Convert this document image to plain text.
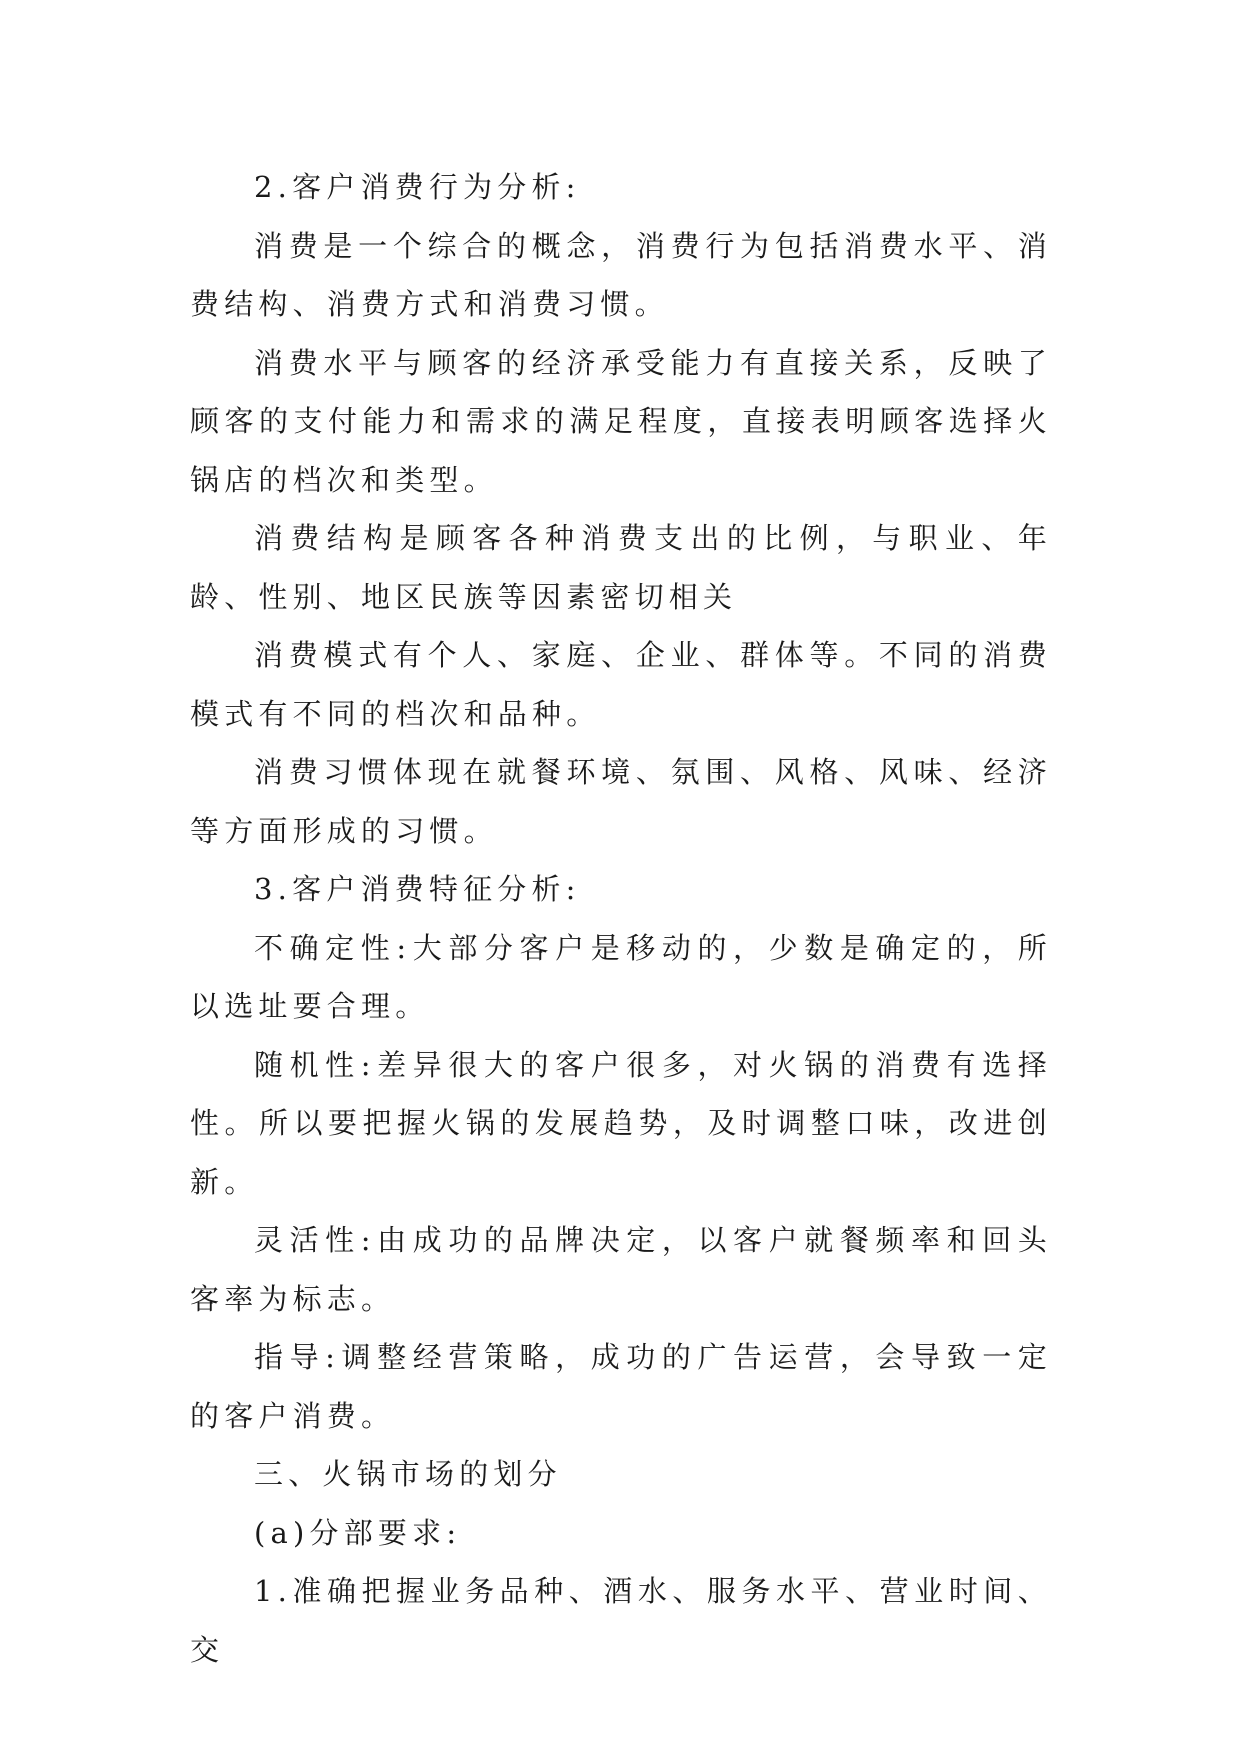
2.客户消费行为分析:

消费是一个综合的概念，消费行为包括消费水平、消费结构、消费方式和消费习惯。

消费水平与顾客的经济承受能力有直接关系，反映了顾客的支付能力和需求的满足程度，直接表明顾客选择火锅店的档次和类型。

消费结构是顾客各种消费支出的比例，与职业、年龄、性别、地区民族等因素密切相关

消费模式有个人、家庭、企业、群体等。不同的消费模式有不同的档次和品种。

消费习惯体现在就餐环境、氛围、风格、风味、经济等方面形成的习惯。

3.客户消费特征分析:

不确定性:大部分客户是移动的，少数是确定的，所以选址要合理。

随机性:差异很大的客户很多，对火锅的消费有选择性。所以要把握火锅的发展趋势，及时调整口味，改进创新。

灵活性:由成功的品牌决定，以客户就餐频率和回头客率为标志。

指导:调整经营策略，成功的广告运营，会导致一定的客户消费。

三、火锅市场的划分

(a)分部要求:

1.准确把握业务品种、酒水、服务水平、营业时间、交
